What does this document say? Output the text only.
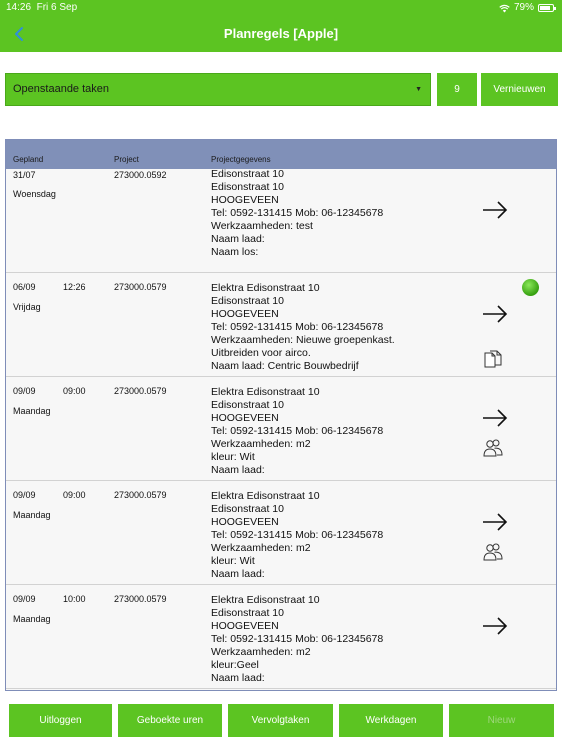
14:26 Fri 6 Sep	79%
Planregels [Apple]
Openstaande taken	▼	9	Vernieuwen
Gepland	Project	Projectgegevens
31/07
Woensdag
273000.0592	Edisonstraat 10
Edisonstraat 10
HOOGEVEEN
Tel: 0592-131415 Mob: 06-12345678
Werkzaamheden: test
Naam laad:
Naam los:
06/09	12:26
Vrijdag
273000.0579	Elektra Edisonstraat 10
Edisonstraat 10
HOOGEVEEN
Tel: 0592-131415 Mob: 06-12345678
Werkzaamheden: Nieuwe groepenkast.
Uitbreiden voor airco.
Naam laad: Centric Bouwbedrijf
09/09	09:00
Maandag
273000.0579	Elektra Edisonstraat 10
Edisonstraat 10
HOOGEVEEN
Tel: 0592-131415 Mob: 06-12345678
Werkzaamheden: m2
kleur: Wit
Naam laad:
09/09	09:00
Maandag
273000.0579	Elektra Edisonstraat 10
Edisonstraat 10
HOOGEVEEN
Tel: 0592-131415 Mob: 06-12345678
Werkzaamheden: m2
kleur: Wit
Naam laad:
09/09	10:00
Maandag
273000.0579	Elektra Edisonstraat 10
Edisonstraat 10
HOOGEVEEN
Tel: 0592-131415 Mob: 06-12345678
Werkzaamheden: m2
kleur:Geel
Naam laad:
Uitloggen	Geboekte uren	Vervolgtaken	Werkdagen	Nieuw
